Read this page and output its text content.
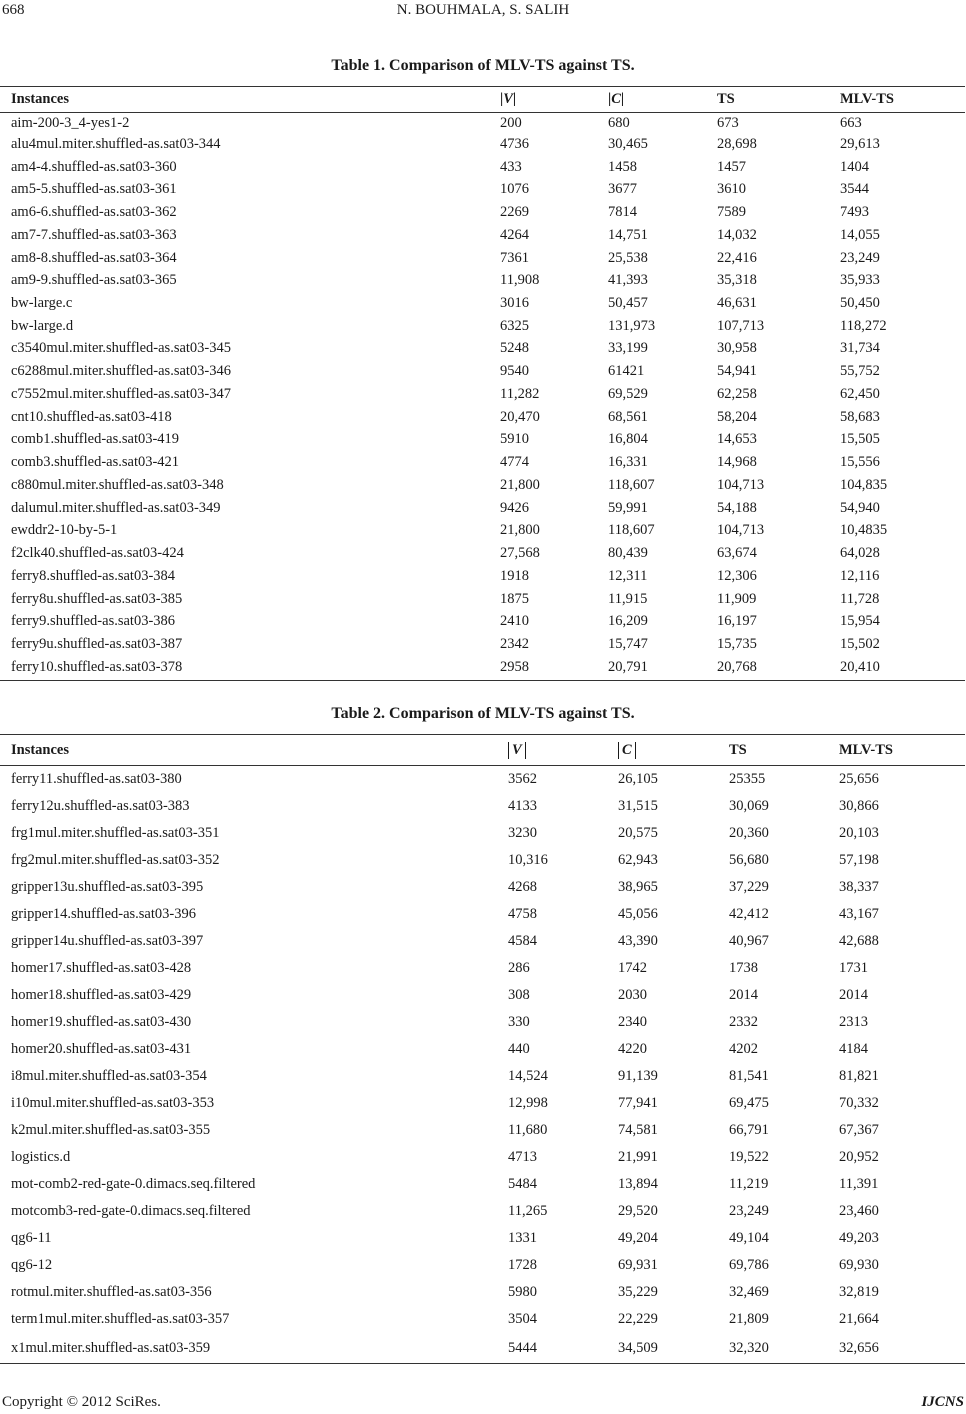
668	N. BOUHMALA, S. SALIH
Table 1. Comparison of MLV-TS against TS.
Instances	|V|	|C|	TS	MLV-TS
aim-200-3_4-yes1-2	200	680	673	663
alu4mul.miter.shuffled-as.sat03-344	4736	30,465	28,698	29,613
am4-4.shuffled-as.sat03-360	433	1458	1457	1404
am5-5.shuffled-as.sat03-361	1076	3677	3610	3544
am6-6.shuffled-as.sat03-362	2269	7814	7589	7493
am7-7.shuffled-as.sat03-363	4264	14,751	14,032	14,055
am8-8.shuffled-as.sat03-364	7361	25,538	22,416	23,249
am9-9.shuffled-as.sat03-365	11,908	41,393	35,318	35,933
bw-large.c	3016	50,457	46,631	50,450
bw-large.d	6325	131,973	107,713	118,272
c3540mul.miter.shuffled-as.sat03-345	5248	33,199	30,958	31,734
c6288mul.miter.shuffled-as.sat03-346	9540	61421	54,941	55,752
c7552mul.miter.shuffled-as.sat03-347	11,282	69,529	62,258	62,450
cnt10.shuffled-as.sat03-418	20,470	68,561	58,204	58,683
comb1.shuffled-as.sat03-419	5910	16,804	14,653	15,505
comb3.shuffled-as.sat03-421	4774	16,331	14,968	15,556
c880mul.miter.shuffled-as.sat03-348	21,800	118,607	104,713	104,835
dalumul.miter.shuffled-as.sat03-349	9426	59,991	54,188	54,940
ewddr2-10-by-5-1	21,800	118,607	104,713	10,4835
f2clk40.shuffled-as.sat03-424	27,568	80,439	63,674	64,028
ferry8.shuffled-as.sat03-384	1918	12,311	12,306	12,116
ferry8u.shuffled-as.sat03-385	1875	11,915	11,909	11,728
ferry9.shuffled-as.sat03-386	2410	16,209	16,197	15,954
ferry9u.shuffled-as.sat03-387	2342	15,747	15,735	15,502
ferry10.shuffled-as.sat03-378	2958	20,791	20,768	20,410
Table 2. Comparison of MLV-TS against TS.
Instances	V	C	TS	MLV-TS
ferry11.shuffled-as.sat03-380	3562	26,105	25355	25,656
ferry12u.shuffled-as.sat03-383	4133	31,515	30,069	30,866
frg1mul.miter.shuffled-as.sat03-351	3230	20,575	20,360	20,103
frg2mul.miter.shuffled-as.sat03-352	10,316	62,943	56,680	57,198
gripper13u.shuffled-as.sat03-395	4268	38,965	37,229	38,337
gripper14.shuffled-as.sat03-396	4758	45,056	42,412	43,167
gripper14u.shuffled-as.sat03-397	4584	43,390	40,967	42,688
homer17.shuffled-as.sat03-428	286	1742	1738	1731
homer18.shuffled-as.sat03-429	308	2030	2014	2014
homer19.shuffled-as.sat03-430	330	2340	2332	2313
homer20.shuffled-as.sat03-431	440	4220	4202	4184
i8mul.miter.shuffled-as.sat03-354	14,524	91,139	81,541	81,821
i10mul.miter.shuffled-as.sat03-353	12,998	77,941	69,475	70,332
k2mul.miter.shuffled-as.sat03-355	11,680	74,581	66,791	67,367
logistics.d	4713	21,991	19,522	20,952
mot-comb2-red-gate-0.dimacs.seq.filtered	5484	13,894	11,219	11,391
motcomb3-red-gate-0.dimacs.seq.filtered	11,265	29,520	23,249	23,460
qg6-11	1331	49,204	49,104	49,203
qg6-12	1728	69,931	69,786	69,930
rotmul.miter.shuffled-as.sat03-356	5980	35,229	32,469	32,819
term1mul.miter.shuffled-as.sat03-357	3504	22,229	21,809	21,664
x1mul.miter.shuffled-as.sat03-359	5444	34,509	32,320	32,656
Copyright © 2012 SciRes.	IJCNS
